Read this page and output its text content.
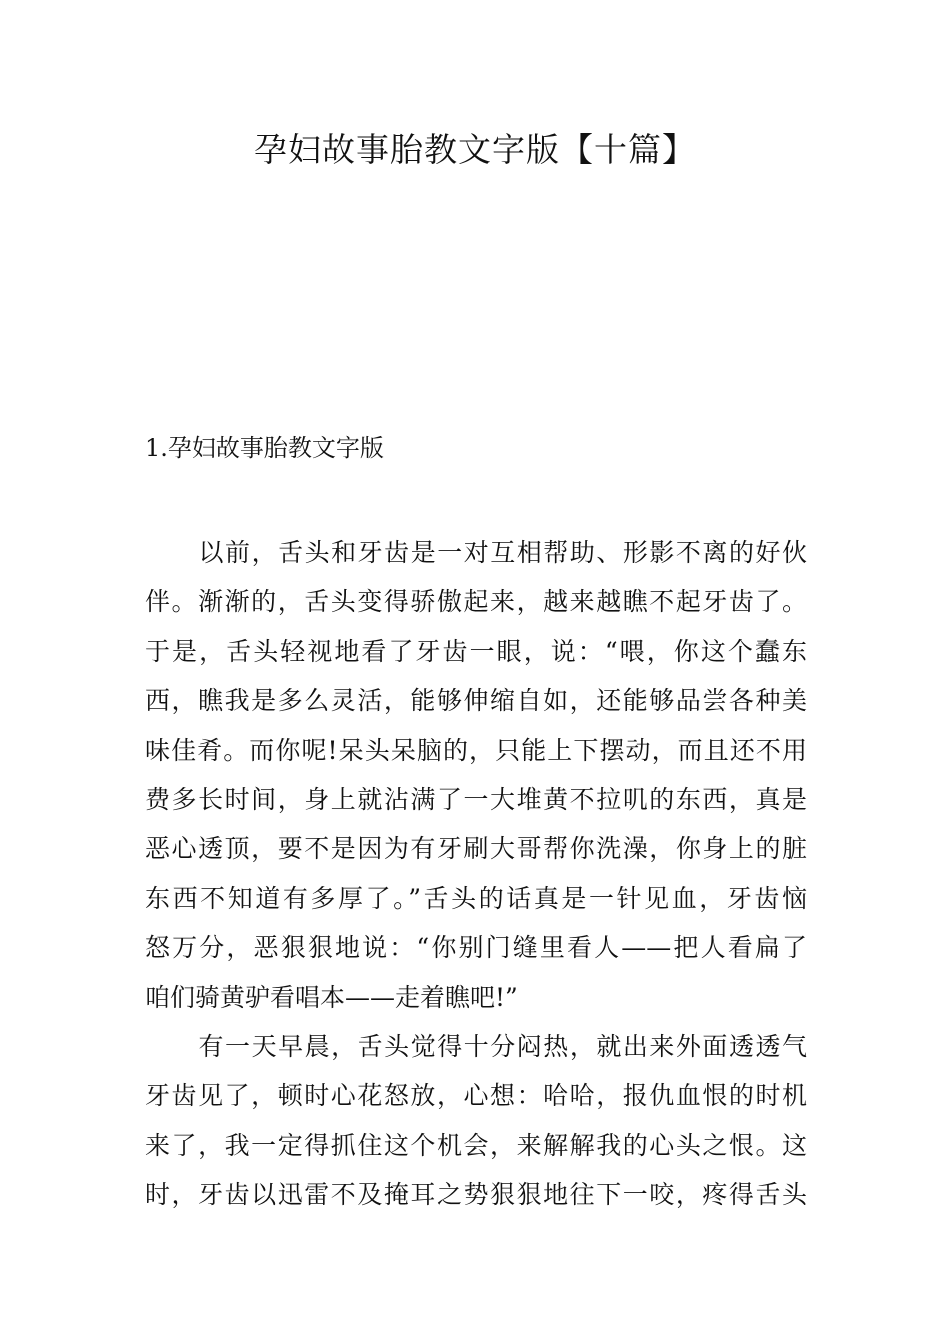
孕妇故事胎教文字版【十篇】
1.孕妇故事胎教文字版
以前，舌头和牙齿是一对互相帮助、形影不离的好伙
伴。渐渐的，舌头变得骄傲起来，越来越瞧不起牙齿了。
于是，舌头轻视地看了牙齿一眼，说：“喂，你这个蠢东
西，瞧我是多么灵活，能够伸缩自如，还能够品尝各种美
味佳肴。而你呢!呆头呆脑的，只能上下摆动，而且还不用
费多长时间，身上就沾满了一大堆黄不拉叽的东西，真是
恶心透顶，要不是因为有牙刷大哥帮你洗澡，你身上的脏
东西不知道有多厚了。”舌头的话真是一针见血，牙齿恼
怒万分，恶狠狠地说：“你别门缝里看人——把人看扁了
咱们骑黄驴看唱本——走着瞧吧!”
有一天早晨，舌头觉得十分闷热，就出来外面透透气
牙齿见了，顿时心花怒放，心想：哈哈，报仇血恨的时机
来了，我一定得抓住这个机会，来解解我的心头之恨。这
时，牙齿以迅雷不及掩耳之势狠狠地往下一咬，疼得舌头
